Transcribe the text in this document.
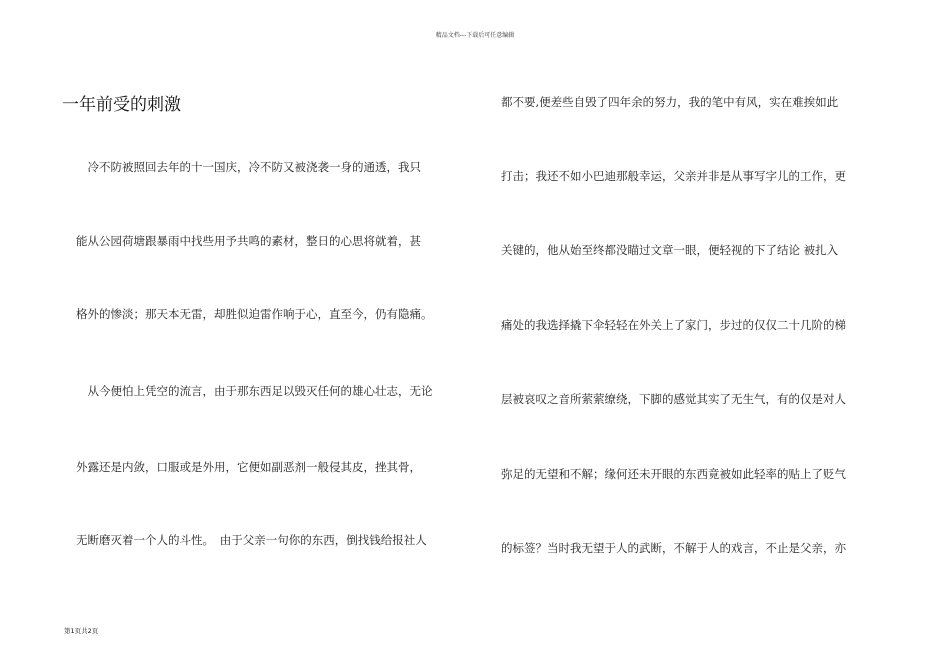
精品文档---下载后可任意编辑
一年前受的刺激
　冷不防被照回去年的十一国庆，冷不防又被浇袭一身的通透，我只
能从公园荷塘跟暴雨中找些用予共鸣的素材，整日的心思将就着，甚
格外的惨淡；那天本无雷，却胜似迫雷作响于心，直至今，仍有隐痛。
　从今便怕上凭空的流言，由于那东西足以毁灭任何的雄心壮志，无论
外露还是内敛，口服或是外用，它便如副恶剂一般侵其皮，挫其骨，
无断磨灭着一个人的斗性。　由于父亲一句你的东西，倒找钱给报社人
都不要,便差些自毁了四年余的努力，我的笔中有风，实在难挨如此
打击；我还不如小巴迪那般幸运，父亲并非是从事写字儿的工作，更
关键的，他从始至终都没瞄过文章一眼，便轻视的下了结论 被扎入
痛处的我选择撬下伞轻轻在外关上了家门，步过的仅仅二十几阶的梯
层被哀叹之音所萦萦缭绕，下脚的感觉其实了无生气，有的仅是对人
弥足的无望和不解；缘何还未开眼的东西竟被如此轻率的贴上了贬气
的标签？当时我无望于人的武断，不解于人的戏言，不止是父亲，亦
第1页共2页
